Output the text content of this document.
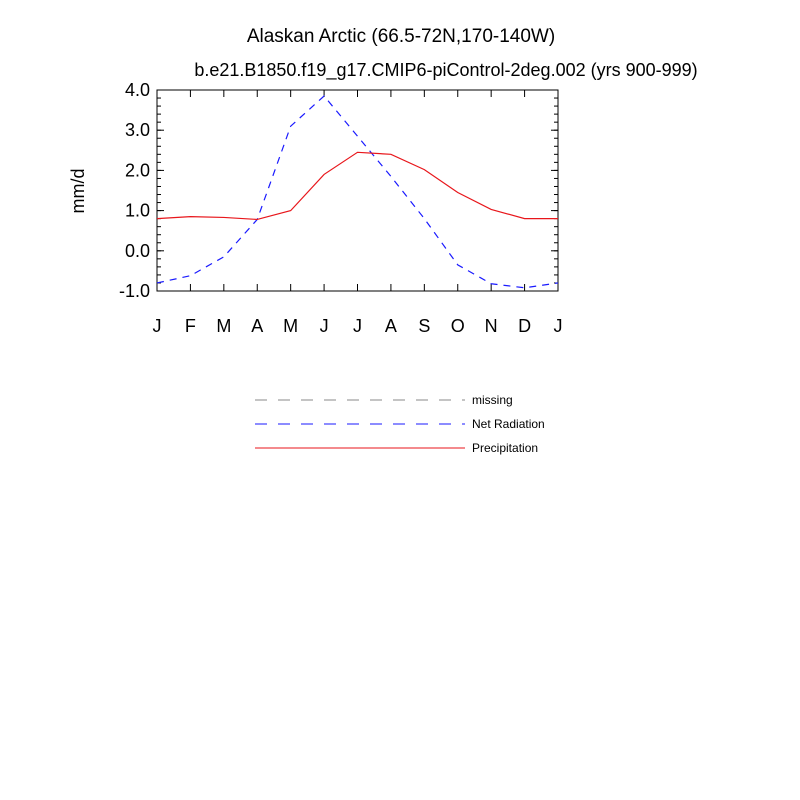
Alaskan Arctic (66.5-72N,170-140W)
b.e21.B1850.f19_g17.CMIP6-piControl-2deg.002 (yrs 900-999)
mm/d
-1.0
0.0
1.0
2.0
3.0
4.0
J F M A M J J A S O N D J
missing
Net Radiation
Precipitation
